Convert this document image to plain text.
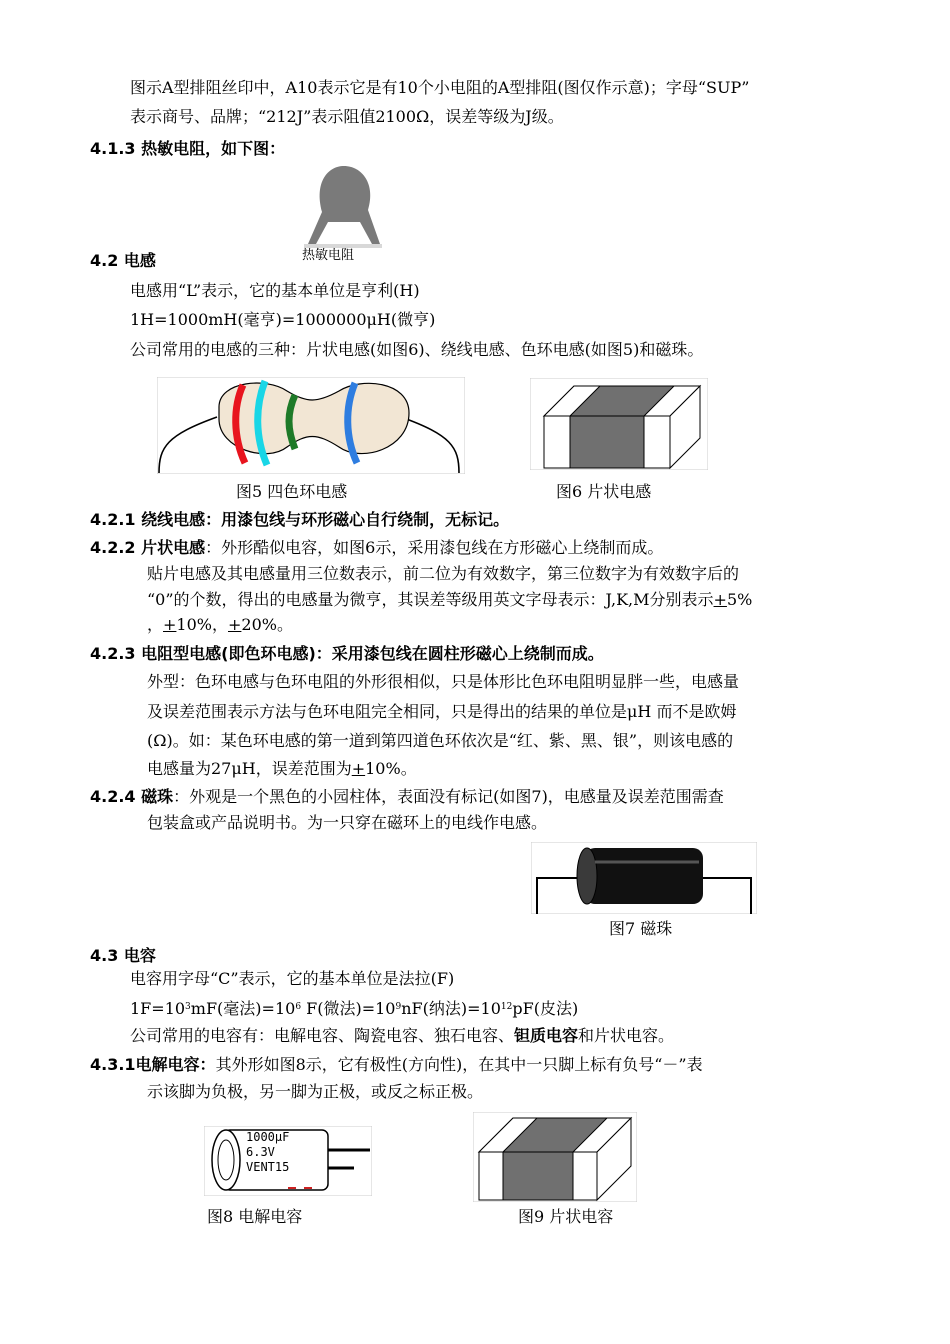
图示A型排阻丝印中，A10表示它是有10个小电阻的A型排阻(图仅作示意)；字母“SUP”
表示商号、品牌；“212J”表示阻值2100Ω，误差等级为J级。
4.1.3 热敏电阻，如下图：
热敏电阻
4.2 电感
电感用“L”表示，它的基本单位是亨利(H)
1H=1000mH(毫亨)=1000000μH(微亨)
公司常用的电感的三种：片状电感(如图6)、绕线电感、色环电感(如图5)和磁珠。
图5 四色环电感	图6 片状电感
4.2.1 绕线电感：用漆包线与环形磁心自行绕制，无标记。
4.2.2 片状电感：外形酷似电容，如图6示，采用漆包线在方形磁心上绕制而成。
贴片电感及其电感量用三位数表示，前二位为有效数字，第三位数字为有效数字后的
“0”的个数，得出的电感量为微亨，其误差等级用英文字母表示：J,K,M分别表示+5%
，+10%，+20%。
4.2.3 电阻型电感(即色环电感)：采用漆包线在圆柱形磁心上绕制而成。
外型：色环电感与色环电阻的外形很相似，只是体形比色环电阻明显胖一些，电感量
及误差范围表示方法与色环电阻完全相同，只是得出的结果的单位是μH 而不是欧姆
(Ω)。如：某色环电感的第一道到第四道色环依次是“红、紫、黑、银”，则该电感的
电感量为27μH，误差范围为+10%。
4.2.4 磁珠：外观是一个黑色的小园柱体，表面没有标记(如图7)，电感量及误差范围需查
包装盒或产品说明书。为一只穿在磁环上的电线作电感。
图7 磁珠
4.3 电容
电容用字母“C”表示，它的基本单位是法拉(F)
$1F=10^3mF$(毫法)$=10^6$ F(微法)$=10^9nF$(纳法)$=10^{12}pF$(皮法)
公司常用的电容有：电解电容、陶瓷电容、独石电容、钽质电容和片状电容。
4.3.1电解电容：其外形如图8示，它有极性(方向性)，在其中一只脚上标有负号“－”表
示该脚为负极，另一脚为正极，或反之标正极。
1000μF
6.3V
VENT15
图8 电解电容	图9 片状电容
